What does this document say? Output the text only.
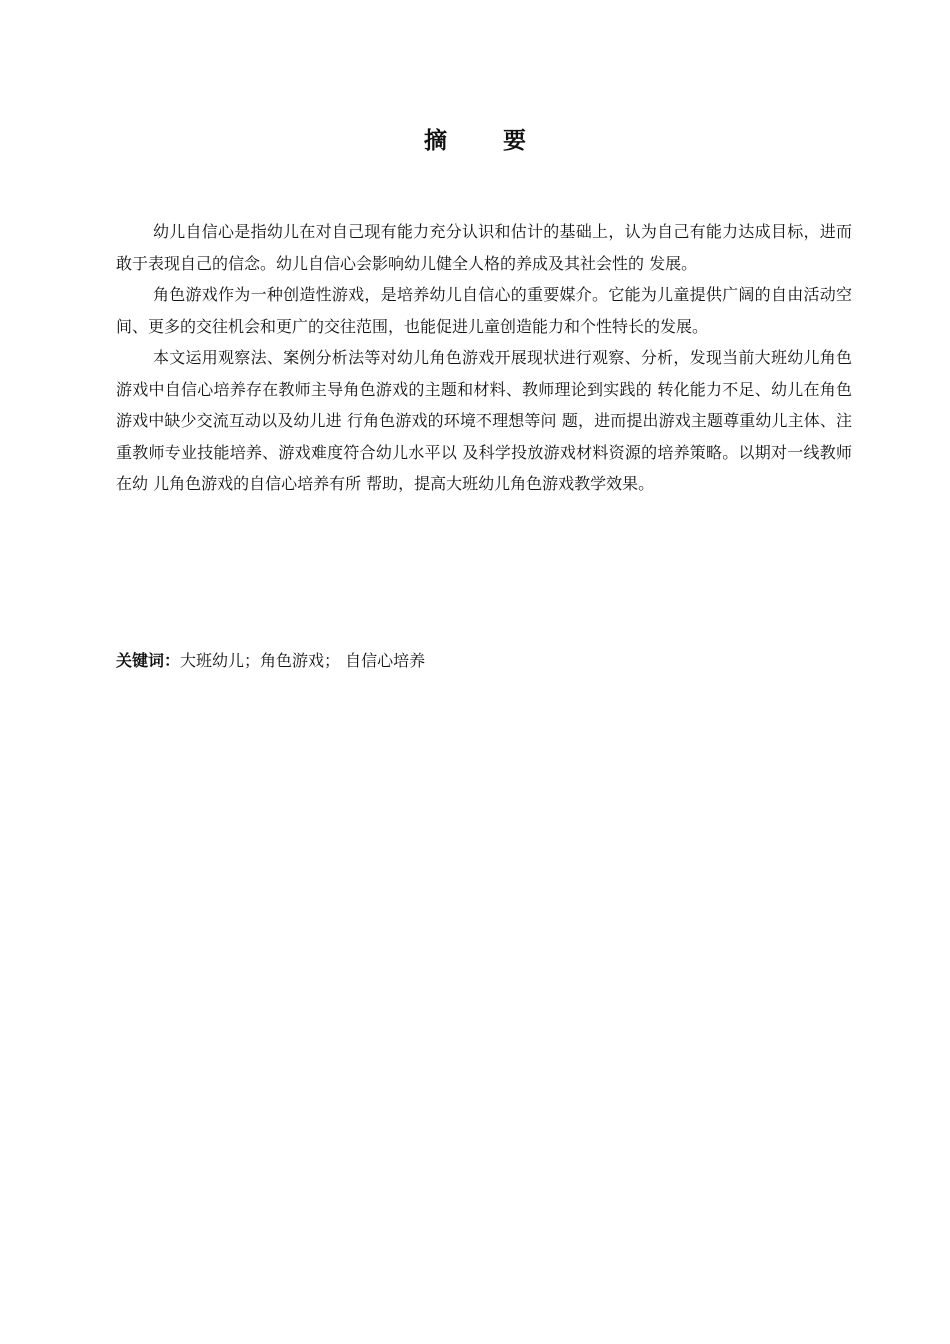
摘 要

幼儿自信心是指幼儿在对自己现有能力充分认识和估计的基础上，认为自己有能力达成目标，进而敢于表现自己的信念。幼儿自信心会影响幼儿健全人格的养成及其社会性的 发展。

角色游戏作为一种创造性游戏，是培养幼儿自信心的重要媒介。它能为儿童提供广阔的自由活动空间、更多的交往机会和更广的交往范围，也能促进儿童创造能力和个性特长的发展。

本文运用观察法、案例分析法等对幼儿角色游戏开展现状进行观察、分析，发现当前大班幼儿角色游戏中自信心培养存在教师主导角色游戏的主题和材料、教师理论到实践的 转化能力不足、幼儿在角色游戏中缺少交流互动以及幼儿进 行角色游戏的环境不理想等问 题，进而提出游戏主题尊重幼儿主体、注重教师专业技能培养、游戏难度符合幼儿水平以 及科学投放游戏材料资源的培养策略。以期对一线教师在幼 儿角色游戏的自信心培养有所 帮助，提高大班幼儿角色游戏教学效果。

关键词：大班幼儿；角色游戏； 自信心培养
